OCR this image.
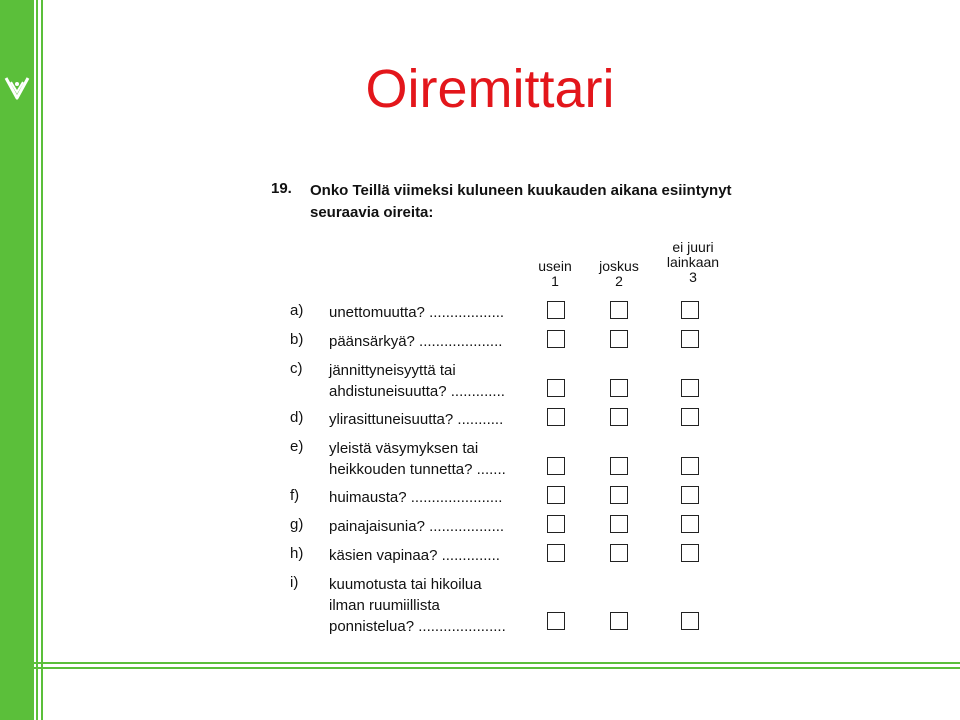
Oiremittari
19. Onko Teillä viimeksi kuluneen kuukauden aikana esiintynyt seuraavia oireita:
usein
1
joskus
2
ei juuri lainkaan
3
a) unettomuutta? ..................
b) päänsärkyä? ....................
c) jännittyneisyyttä tai ahdistuneisuutta? .............
d) ylirasittuneisuutta? ...........
e) yleistä väsymyksen tai heikkouden tunnetta? .......
f) huimausta? ......................
g) painajaisunia? ..................
h) käsien vapinaa? ..............
i) kuumotusta tai hikoilua ilman ruumiillista ponnistelua? .....................
